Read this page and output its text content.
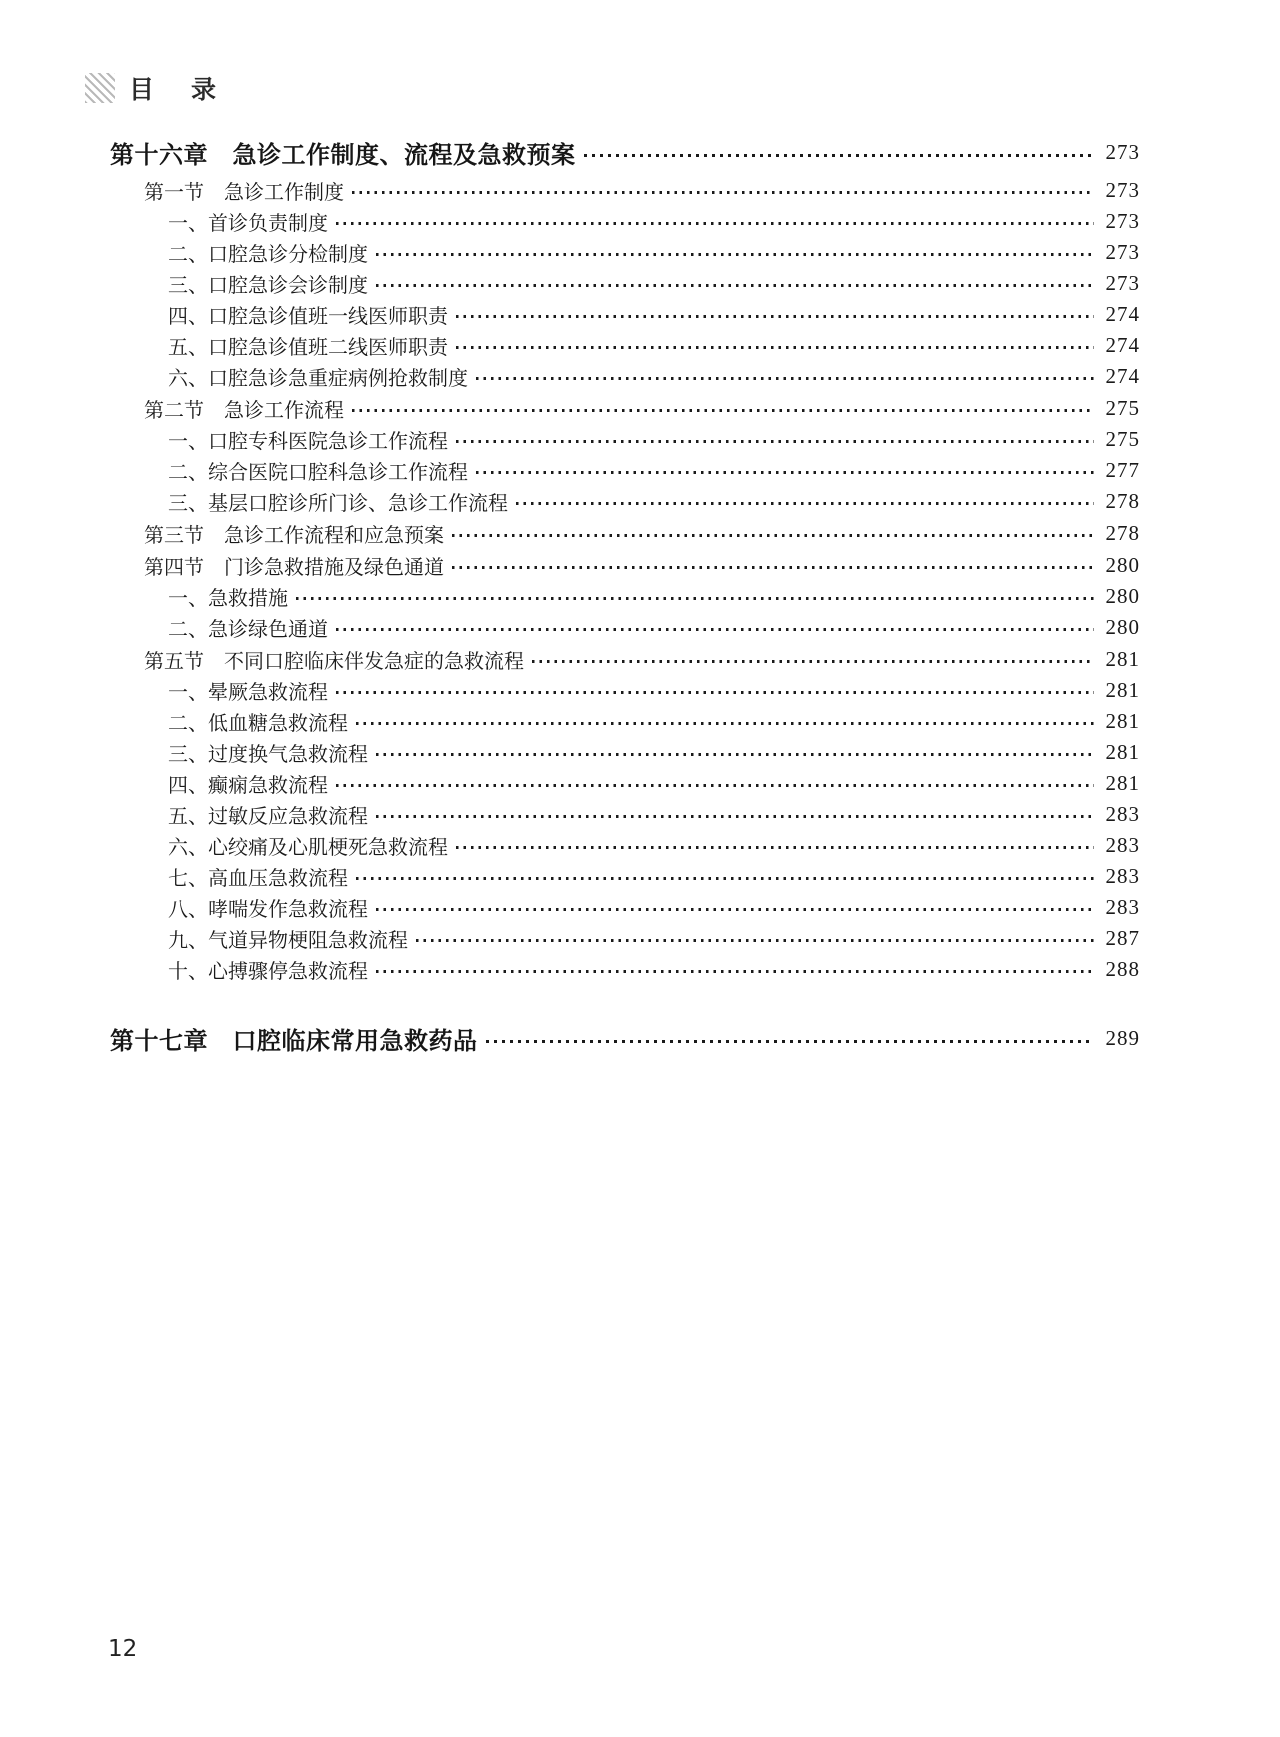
目　录
第十六章　急诊工作制度、流程及急救预案	273
第一节　急诊工作制度	273
一、首诊负责制度	273
二、口腔急诊分检制度	273
三、口腔急诊会诊制度	273
四、口腔急诊值班一线医师职责	274
五、口腔急诊值班二线医师职责	274
六、口腔急诊急重症病例抢救制度	274
第二节　急诊工作流程	275
一、口腔专科医院急诊工作流程	275
二、综合医院口腔科急诊工作流程	277
三、基层口腔诊所门诊、急诊工作流程	278
第三节　急诊工作流程和应急预案	278
第四节　门诊急救措施及绿色通道	280
一、急救措施	280
二、急诊绿色通道	280
第五节　不同口腔临床伴发急症的急救流程	281
一、晕厥急救流程	281
二、低血糖急救流程	281
三、过度换气急救流程	281
四、癫痫急救流程	281
五、过敏反应急救流程	283
六、心绞痛及心肌梗死急救流程	283
七、高血压急救流程	283
八、哮喘发作急救流程	283
九、气道异物梗阻急救流程	287
十、心搏骤停急救流程	288
第十七章　口腔临床常用急救药品	289
12
